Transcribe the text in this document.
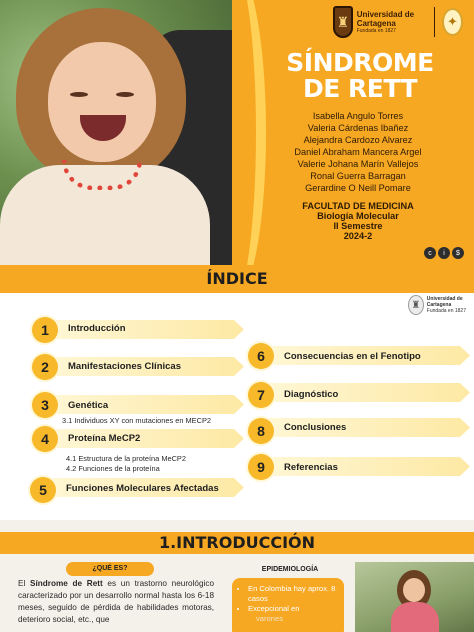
♜ Universidad de Cartagena
Fundada en 1827
✦
SÍNDROME
DE RETT
Isabella Angulo Torres
Valeria Cárdenas Ibañez
Alejandra Cardozo Alvarez
Daniel Abraham Mancera Argel
Valerie Johana Marín Vallejos
Ronal Guerra Barragan
Gerardine O Neill Pomare
FACULTAD DE MEDICINA
Biología Molecular
II Semestre
2024-2
c	i	$
ÍNDICE
♜
Universidad de Cartagena
Fundada en 1827
1	Introducción
2	Manifestaciones Clínicas
3	Genética
3.1 Individuos XY con mutaciones en MECP2
4	Proteína MeCP2
4.1 Estructura de la proteína MeCP2
4.2 Funciones de la proteína
5	Funciones Moleculares Afectadas
6	Consecuencias en el Fenotipo
7	Diagnóstico
8	Conclusiones
9	Referencias
1.INTRODUCCIÓN
¿QUÉ ES?

El Síndrome de Rett es un trastorno neurológico caracterizado por un desarrollo normal hasta los 6-18 meses, seguido de pérdida de habilidades motoras, deterioro social, etc., que

EPIDEMIOLOGÍA
• En Colombia hay aprox. 8 casos
• Excepcional en
varones
